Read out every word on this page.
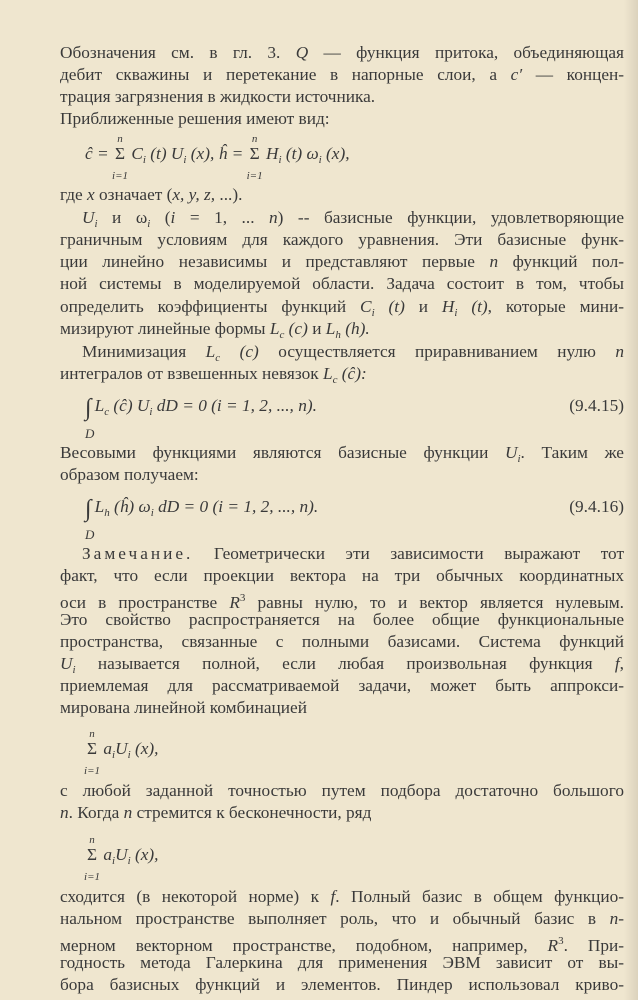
Обозначения см. в гл. 3. Q — функция притока, объединяющая
дебит скважины и перетекание в напорные слои, а c′ — концен-
трация загрязнения в жидкости источника.
Приближенные решения имеют вид:
ĉ = Σ
n
i=1
$C_i$ (t) $U_i$ (x), ĥ = Σ
n
i=1
$H_i$ (t) $\omega_i$ (x),
где x означает (x, y, z, ...).
$U_i$ и $\omega_i$ (i = 1, ... n) -- базисные функции, удовлетворяющие
граничным условиям для каждого уравнения. Эти базисные функ-
ции линейно независимы и представляют первые n функций пол-
ной системы в моделируемой области. Задача состоит в том, чтобы
определить коэффициенты функций $C_i$ (t) и $H_i$ (t), которые мини-
мизируют линейные формы $L_c$ (c) и $L_h$ (h).
Минимизация $L_c$ (c) осуществляется приравниванием нулю n
интегралов от взвешенных невязок $L_c$ (ĉ):
∫
D
$L_c$ (ĉ) $U_i$ dD = 0 (i = 1, 2, ..., n).	(9.4.15)
Весовыми функциями являются базисные функции $U_i$. Таким же
образом получаем:
∫
D
$L_h$ (ĥ) $\omega_i$ dD = 0 (i = 1, 2, ..., n).	(9.4.16)
Замечание. Геометрически эти зависимости выражают тот
факт, что если проекции вектора на три обычных координатных
оси в пространстве $R^3$ равны нулю, то и вектор является нулевым.
Это свойство распространяется на более общие функциональные
пространства, связанные с полными базисами. Система функций
$U_i$ называется полной, если любая произвольная функция f,
приемлемая для рассматриваемой задачи, может быть аппрокси-
мирована линейной комбинацией
Σ
n
i=1
$a_iU_i$ (x),
с любой заданной точностью путем подбора достаточно большого
n. Когда n стремится к бесконечности, ряд
Σ
n
i=1
$a_iU_i$ (x),
сходится (в некоторой норме) к f. Полный базис в общем функцио-
нальном пространстве выполняет роль, что и обычный базис в n-
мерном векторном пространстве, подобном, например, $R^3$. При-
годность метода Галеркина для применения ЭВМ зависит от вы-
бора базисных функций и элементов. Пиндер использовал криво-
